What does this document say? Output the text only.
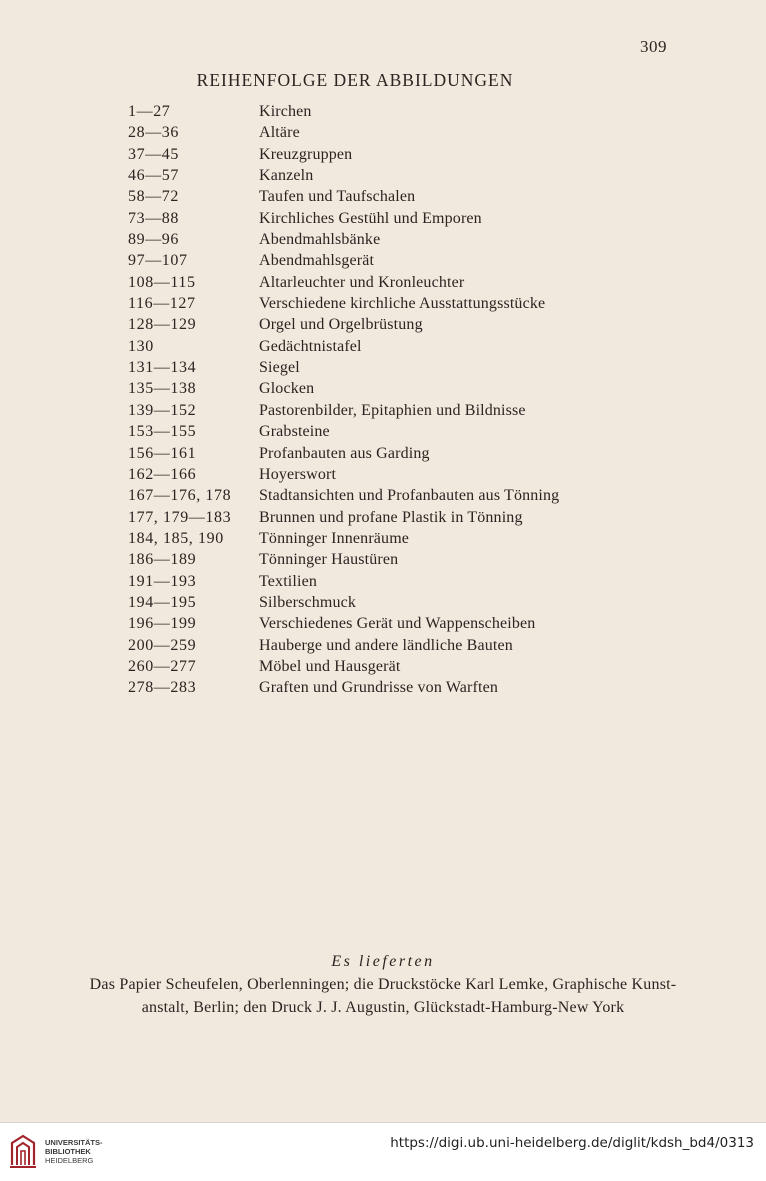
309
REIHENFOLGE DER ABBILDUNGEN
1—27	Kirchen
28—36	Altäre
37—45	Kreuzgruppen
46—57	Kanzeln
58—72	Taufen und Taufschalen
73—88	Kirchliches Gestühl und Emporen
89—96	Abendmahlsbänke
97—107	Abendmahlsgerät
108—115	Altarleuchter und Kronleuchter
116—127	Verschiedene kirchliche Ausstattungsstücke
128—129	Orgel und Orgelbrüstung
130	Gedächtnistafel
131—134	Siegel
135—138	Glocken
139—152	Pastorenbilder, Epitaphien und Bildnisse
153—155	Grabsteine
156—161	Profanbauten aus Garding
162—166	Hoyerswort
167—176, 178 Stadtansichten und Profanbauten aus Tönning
177, 179—183 Brunnen und profane Plastik in Tönning
184, 185, 190 Tönninger Innenräume
186—189	Tönninger Haustüren
191—193	Textilien
194—195	Silberschmuck
196—199	Verschiedenes Gerät und Wappenscheiben
200—259	Hauberge und andere ländliche Bauten
260—277	Möbel und Hausgerät
278—283	Graften und Grundrisse von Warften
Es lieferten
Das Papier Scheufelen, Oberlenningen; die Druckstöcke Karl Lemke, Graphische Kunst-
anstalt, Berlin; den Druck J. J. Augustin, Glückstadt-Hamburg-New York
UNIVERSITÄTS-
BIBLIOTHEK
HEIDELBERG
https://digi.ub.uni-heidelberg.de/diglit/kdsh_bd4/0313
